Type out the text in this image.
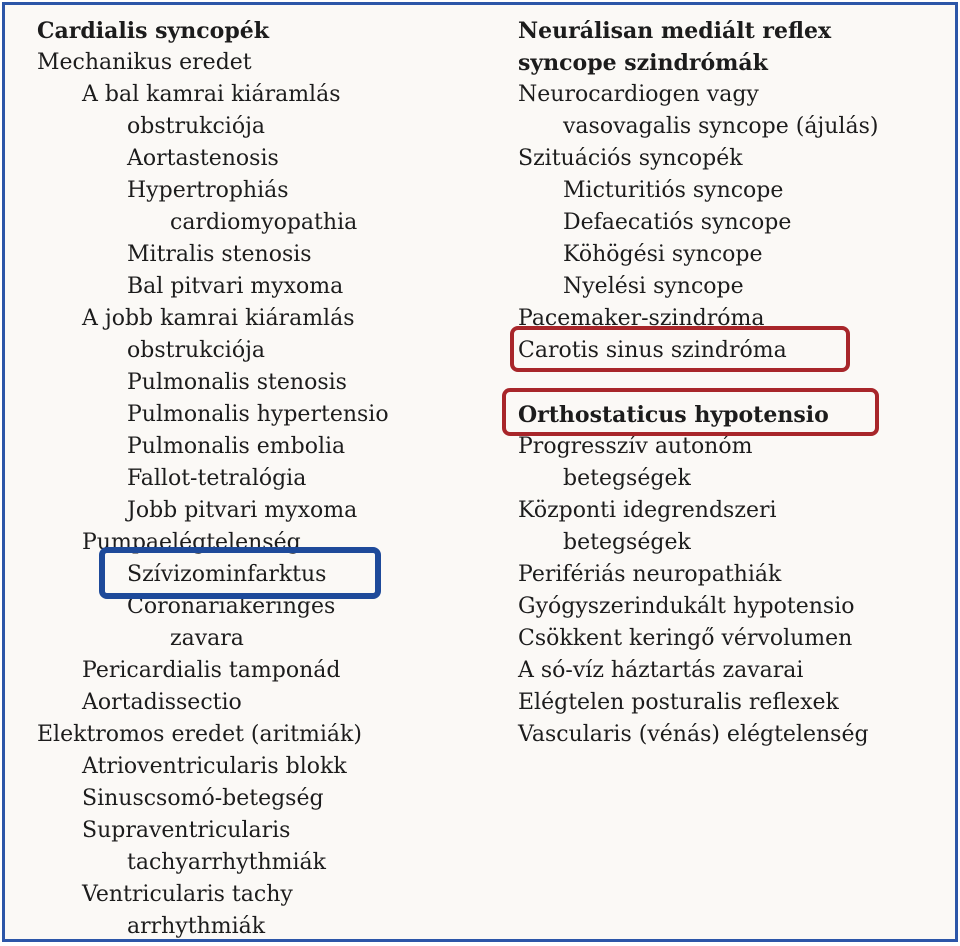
Cardialis syncopék
Mechanikus eredet
A bal kamrai kiáramlás
obstrukciója
Aortastenosis
Hypertrophiás
cardiomyopathia
Mitralis stenosis
Bal pitvari myxoma
A jobb kamrai kiáramlás
obstrukciója
Pulmonalis stenosis
Pulmonalis hypertensio
Pulmonalis embolia
Fallot-tetralógia
Jobb pitvari myxoma
Pumpaelégtelenség
Szívizominfarktus
Coronariakeringés
zavara
Pericardialis tamponád
Aortadissectio
Elektromos eredet (aritmiák)
Atrioventricularis blokk
Sinuscsomó-betegség
Supraventricularis
tachyarrhythmiák
Ventricularis tachy
arrhythmiák
Neurálisan mediált reflex
syncope szindrómák
Neurocardiogen vagy
vasovagalis syncope (ájulás)
Szituációs syncopék
Micturitiós syncope
Defaecatiós syncope
Köhögési syncope
Nyelési syncope
Pacemaker-szindróma
Carotis sinus szindróma
Orthostaticus hypotensio
Progresszív autonóm
betegségek
Központi idegrendszeri
betegségek
Perifériás neuropathiák
Gyógyszerindukált hypotensio
Csökkent keringő vérvolumen
A só-víz háztartás zavarai
Elégtelen posturalis reflexek
Vascularis (vénás) elégtelenség
